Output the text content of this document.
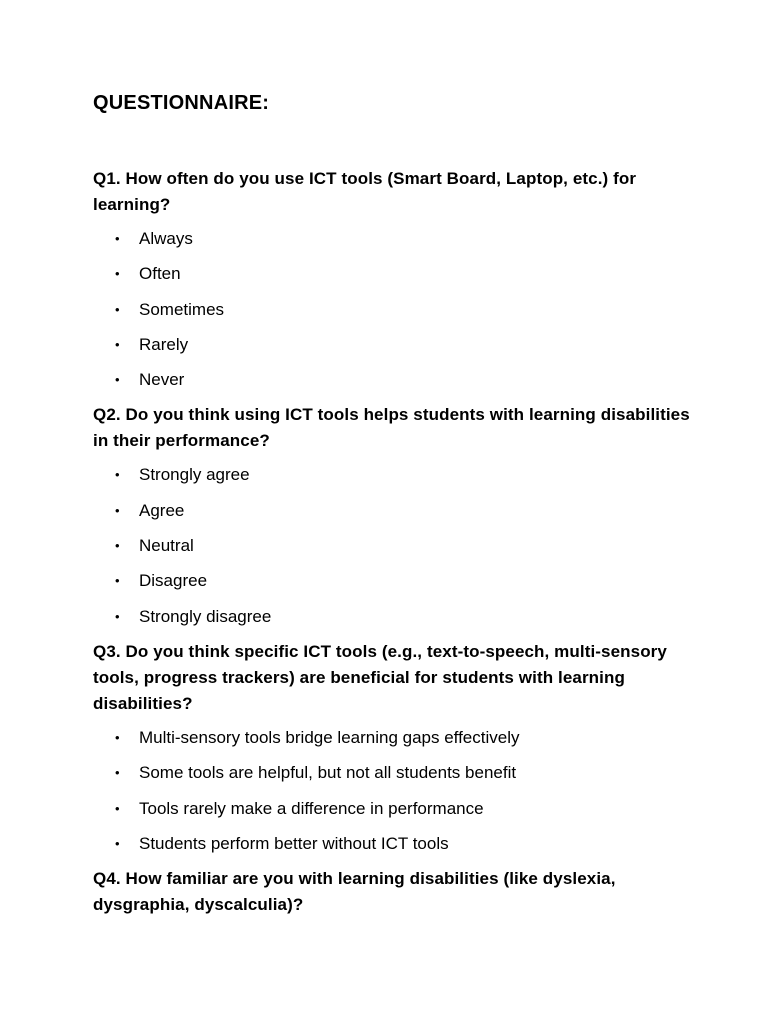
QUESTIONNAIRE:

Q1. How often do you use ICT tools (Smart Board, Laptop, etc.) for learning?

• Always
• Often
• Sometimes
• Rarely
• Never

Q2. Do you think using ICT tools helps students with learning disabilities in their performance?

• Strongly agree
• Agree
• Neutral
• Disagree
• Strongly disagree

Q3. Do you think specific ICT tools (e.g., text-to-speech, multi-sensory tools, progress trackers) are beneficial for students with learning disabilities?

• Multi-sensory tools bridge learning gaps effectively
• Some tools are helpful, but not all students benefit
• Tools rarely make a difference in performance
• Students perform better without ICT tools

Q4. How familiar are you with learning disabilities (like dyslexia, dysgraphia, dyscalculia)?
